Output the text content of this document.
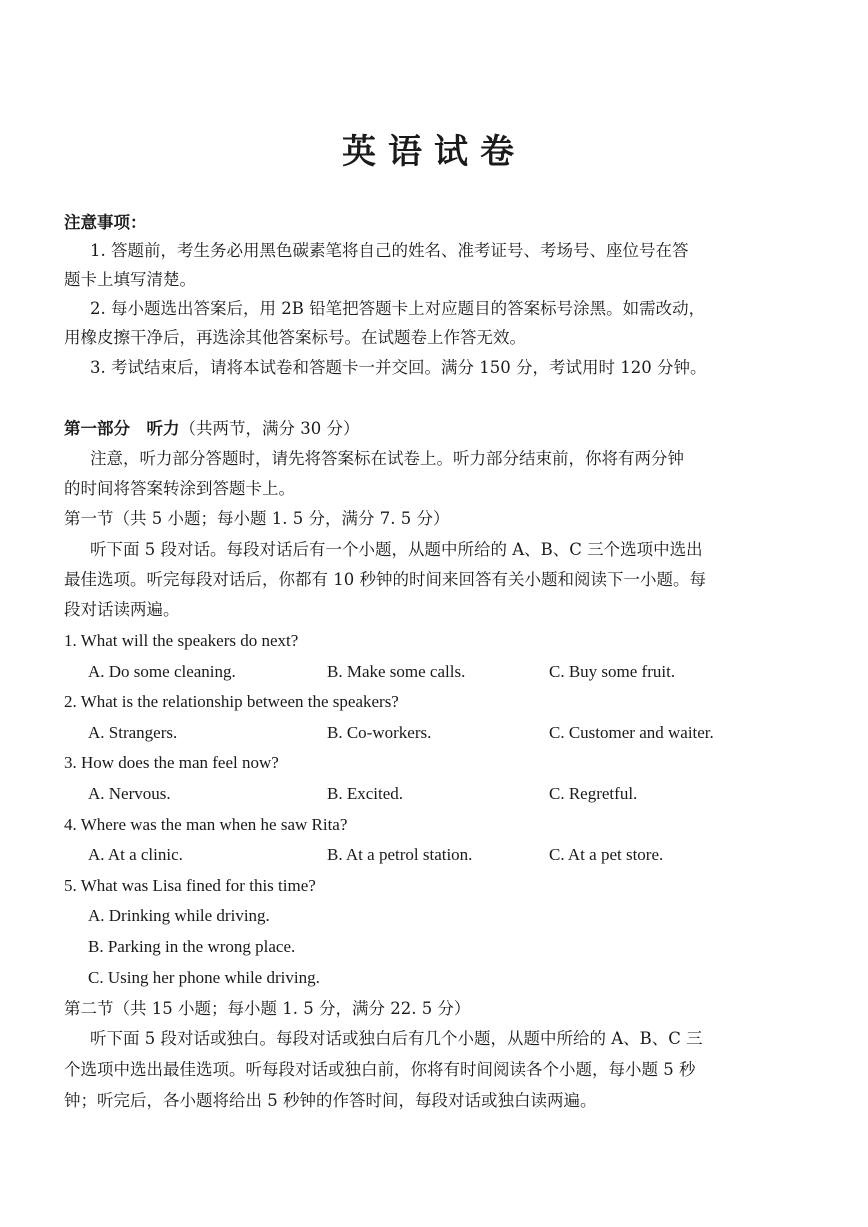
英语试卷
注意事项：
1. 答题前，考生务必用黑色碳素笔将自己的姓名、准考证号、考场号、座位号在答
题卡上填写清楚。
2. 每小题选出答案后，用 2B 铅笔把答题卡上对应题目的答案标号涂黑。如需改动，
用橡皮擦干净后，再选涂其他答案标号。在试题卷上作答无效。
3. 考试结束后，请将本试卷和答题卡一并交回。满分 150 分，考试用时 120 分钟。
第一部分　听力（共两节，满分 30 分）
注意，听力部分答题时，请先将答案标在试卷上。听力部分结束前，你将有两分钟
的时间将答案转涂到答题卡上。
第一节（共 5 小题；每小题 1. 5 分，满分 7. 5 分）
听下面 5 段对话。每段对话后有一个小题，从题中所给的 A、B、C 三个选项中选出
最佳选项。听完每段对话后，你都有 10 秒钟的时间来回答有关小题和阅读下一小题。每
段对话读两遍。
1. What will the speakers do next?
A. Do some cleaning.	B. Make some calls.	C. Buy some fruit.
2. What is the relationship between the speakers?
A. Strangers.	B. Co-workers.	C. Customer and waiter.
3. How does the man feel now?
A. Nervous.	B. Excited.	C. Regretful.
4. Where was the man when he saw Rita?
A. At a clinic.	B. At a petrol station.	C. At a pet store.
5. What was Lisa fined for this time?
A. Drinking while driving.
B. Parking in the wrong place.
C. Using her phone while driving.
第二节（共 15 小题；每小题 1. 5 分，满分 22. 5 分）
听下面 5 段对话或独白。每段对话或独白后有几个小题，从题中所给的 A、B、C 三
个选项中选出最佳选项。听每段对话或独白前，你将有时间阅读各个小题，每小题 5 秒
钟；听完后，各小题将给出 5 秒钟的作答时间，每段对话或独白读两遍。
